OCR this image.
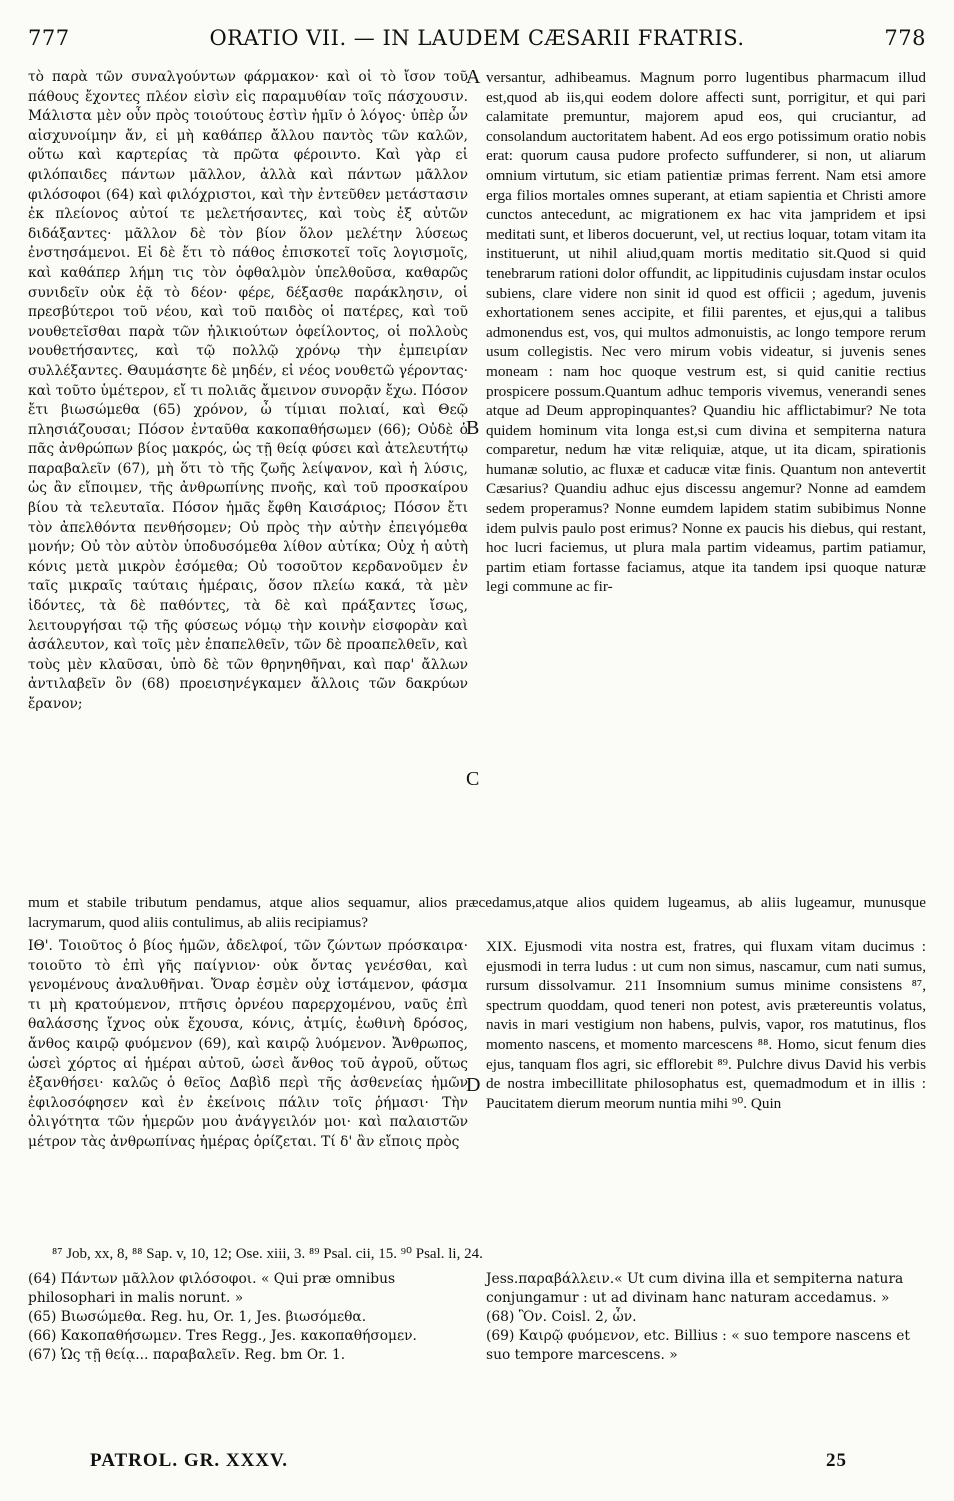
777	ORATIO VII. — IN LAUDEM CÆSARII FRATRIS.	778

τὸ παρὰ τῶν συναλγούντων φάρμακον· καὶ οἱ τὸ ἴσον τοῦ πάθους ἔχοντες πλέον εἰσὶν εἰς παραμυθίαν τοῖς πάσχουσιν. Μάλιστα μὲν οὖν πρὸς τοιούτους ἐστὶν ἡμῖν ὁ λόγος· ὑπὲρ ὧν αἰσχυνοίμην ἄν, εἰ μὴ καθάπερ ἄλλου παντὸς τῶν καλῶν, οὕτω καὶ καρτερίας τὰ πρῶτα φέροιντο. Καὶ γὰρ εἰ φιλόπαιδες πάντων μᾶλλον, ἀλλὰ καὶ πάντων μᾶλλον φιλόσοφοι (64) καὶ φιλόχριστοι, καὶ τὴν ἐντεῦθεν μετάστασιν ἐκ πλείονος αὐτοί τε μελετήσαντες, καὶ τοὺς ἐξ αὐτῶν διδάξαντες· μᾶλλον δὲ τὸν βίον ὅλον μελέτην λύσεως ἐνστησάμενοι. Εἰ δὲ ἔτι τὸ πάθος ἐπισκοτεῖ τοῖς λογισμοῖς, καὶ καθάπερ λήμη τις τὸν ὀφθαλμὸν ὑπελθοῦσα, καθαρῶς συνιδεῖν οὐκ ἐᾷ τὸ δέον· φέρε, δέξασθε παράκλησιν, οἱ πρεσβύτεροι τοῦ νέου, καὶ τοῦ παιδὸς οἱ πατέρες, καὶ τοῦ νουθετεῖσθαι παρὰ τῶν ἡλικιούτων ὀφείλοντος, οἱ πολλοὺς νουθετήσαντες, καὶ τῷ πολλῷ χρόνῳ τὴν ἐμπειρίαν συλλέξαντες. Θαυμάσητε δὲ μηδέν, εἰ νέος νουθετῶ γέροντας· καὶ τοῦτο ὑμέτερον, εἴ τι πολιᾶς ἄμεινον συνορᾷν ἔχω. Πόσον ἔτι βιωσώμεθα (65) χρόνον, ὦ τίμιαι πολιαί, καὶ Θεῷ πλησιάζουσαι; Πόσον ἐνταῦθα κακοπαθήσωμεν (66); Οὐδὲ ὁ πᾶς ἀνθρώπων βίος μακρός, ὡς τῇ θείᾳ φύσει καὶ ἀτελευτήτῳ παραβαλεῖν (67), μὴ ὅτι τὸ τῆς ζωῆς λείψανον, καὶ ἡ λύσις, ὡς ἂν εἴποιμεν, τῆς ἀνθρωπίνης πνοῆς, καὶ τοῦ προσκαίρου βίου τὰ τελευταῖα. Πόσον ἡμᾶς ἔφθη Καισάριος; Πόσον ἔτι τὸν ἀπελθόντα πενθήσομεν; Οὐ πρὸς τὴν αὐτὴν ἐπειγόμεθα μονήν; Οὐ τὸν αὐτὸν ὑποδυσόμεθα λίθον αὐτίκα; Οὐχ ἡ αὐτὴ κόνις μετὰ μικρὸν ἐσόμεθα; Οὐ τοσοῦτον κερδανοῦμεν ἐν ταῖς μικραῖς ταύταις ἡμέραις, ὅσον πλείω κακά, τὰ μὲν ἰδόντες, τὰ δὲ παθόντες, τὰ δὲ καὶ πράξαντες ἴσως, λειτουργήσαι τῷ τῆς φύσεως νόμῳ τὴν κοινὴν εἰσφορὰν καὶ ἀσάλευτον, καὶ τοῖς μὲν ἐπαπελθεῖν, τῶν δὲ προαπελθεῖν, καὶ τοὺς μὲν κλαῦσαι, ὑπὸ δὲ τῶν θρηνηθῆναι, καὶ παρ' ἄλλων ἀντιλαβεῖν ὃν (68) προεισηνέγκαμεν ἄλλοις τῶν δακρύων ἔρανον;

versantur, adhibeamus. Magnum porro lugentibus pharmacum illud est,quod ab iis,qui eodem dolore affecti sunt, porrigitur, et qui pari calamitate premuntur, majorem apud eos, qui cruciantur, ad consolandum auctoritatem habent. Ad eos ergo potissimum oratio nobis erat: quorum causa pudore profecto suffunderer, si non, ut aliarum omnium virtutum, sic etiam patientiæ primas ferrent. Nam etsi amore erga filios mortales omnes superant, at etiam sapientia et Christi amore cunctos antecedunt, ac migrationem ex hac vita jampridem et ipsi meditati sunt, et liberos docuerunt, vel, ut rectius loquar, totam vitam ita instituerunt, ut nihil aliud,quam mortis meditatio sit.Quod si quid tenebrarum rationi dolor offundit, ac lippitudinis cujusdam instar oculos subiens, clare videre non sinit id quod est officii ; agedum, juvenis exhortationem senes accipite, et filii parentes, et ejus,qui a talibus admonendus est, vos, qui multos admonuistis, ac longo tempore rerum usum collegistis. Nec vero mirum vobis videatur, si juvenis senes moneam : nam hoc quoque vestrum est, si quid canitie rectius prospicere possum.Quantum adhuc temporis vivemus, venerandi senes atque ad Deum appropinquantes? Quandiu hic afflictabimur? Ne tota quidem hominum vita longa est,si cum divina et sempiterna natura comparetur, nedum hæ vitæ reliquiæ, atque, ut ita dicam, spirationis humanæ solutio, ac fluxæ et caducæ vitæ finis. Quantum non antevertit Cæsarius? Quandiu adhuc ejus discessu angemur? Nonne ad eamdem sedem properamus? Nonne eumdem lapidem statim subibimus Nonne idem pulvis paulo post erimus? Nonne ex paucis his diebus, qui restant, hoc lucri faciemus, ut plura mala partim videamus, partim patiamur, partim etiam fortasse faciamus, atque ita tandem ipsi quoque naturæ legi commune ac fir-

A
B
C
D
mum et stabile tributum pendamus, atque alios sequamur, alios præcedamus,atque alios quidem lugeamus, ab aliis lugeamur, munusque lacrymarum, quod aliis contulimus, ab aliis recipiamus?

ΙΘ'. Τοιοῦτος ὁ βίος ἡμῶν, ἀδελφοί, τῶν ζώντων πρόσκαιρα· τοιοῦτο τὸ ἐπὶ γῆς παίγνιον· οὐκ ὄντας γενέσθαι, καὶ γενομένους ἀναλυθῆναι. Ὄναρ ἐσμὲν οὐχ ἱστάμενον, φάσμα τι μὴ κρατούμενον, πτῆσις ὀρνέου παρερχομένου, ναῦς ἐπὶ θαλάσσης ἴχνος οὐκ ἔχουσα, κόνις, ἀτμίς, ἑωθινὴ δρόσος, ἄνθος καιρῷ φυόμενον (69), καὶ καιρῷ λυόμενον. Ἄνθρωπος, ὡσεὶ χόρτος αἱ ἡμέραι αὐτοῦ, ὡσεὶ ἄνθος τοῦ ἀγροῦ, οὕτως ἐξανθήσει· καλῶς ὁ θεῖος Δαβὶδ περὶ τῆς ἀσθενείας ἡμῶν ἐφιλοσόφησεν καὶ ἐν ἐκείνοις πάλιν τοῖς ῥήμασι· Τὴν ὀλιγότητα τῶν ἡμερῶν μου ἀνάγγειλόν μοι· καὶ παλαιστῶν μέτρον τὰς ἀνθρωπίνας ἡμέρας ὁρίζεται. Τί δ' ἂν εἴποις πρὸς

XIX. Ejusmodi vita nostra est, fratres, qui fluxam vitam ducimus : ejusmodi in terra ludus : ut cum non simus, nascamur, cum nati sumus, rursum dissolvamur. 211 Insomnium sumus minime consistens ⁸⁷, spectrum quoddam, quod teneri non potest, avis prætereuntis volatus, navis in mari vestigium non habens, pulvis, vapor, ros matutinus, flos momento nascens, et momento marcescens ⁸⁸. Homo, sicut fenum dies ejus, tanquam flos agri, sic efflorebit ⁸⁹. Pulchre divus David his verbis de nostra imbecillitate philosophatus est, quemadmodum et in illis : Paucitatem dierum meorum nuntia mihi ⁹⁰. Quin

⁸⁷ Job, xx, 8, ⁸⁸ Sap. v, 10, 12; Ose. xiii, 3. ⁸⁹ Psal. cii, 15. ⁹⁰ Psal. li, 24.

(64) Πάντων μᾶλλον φιλόσοφοι. « Qui præ omnibus philosophari in malis norunt. »

(65) Βιωσώμεθα. Reg. hu, Or. 1, Jes. βιωσόμεθα.

(66) Κακοπαθήσωμεν. Tres Regg., Jes. κακοπαθήσομεν.

(67) Ὡς τῇ θείᾳ... παραβαλεῖν. Reg. bm Or. 1.

Jess.παραβάλλειν.« Ut cum divina illa et sempiterna natura conjungamur : ut ad divinam hanc naturam accedamus. »

(68) Ὃν. Coisl. 2, ὧν.

(69) Καιρῷ φυόμενον, etc. Billius : « suo tempore nascens et suo tempore marcescens. »

PATROL. GR. XXXV.	25
